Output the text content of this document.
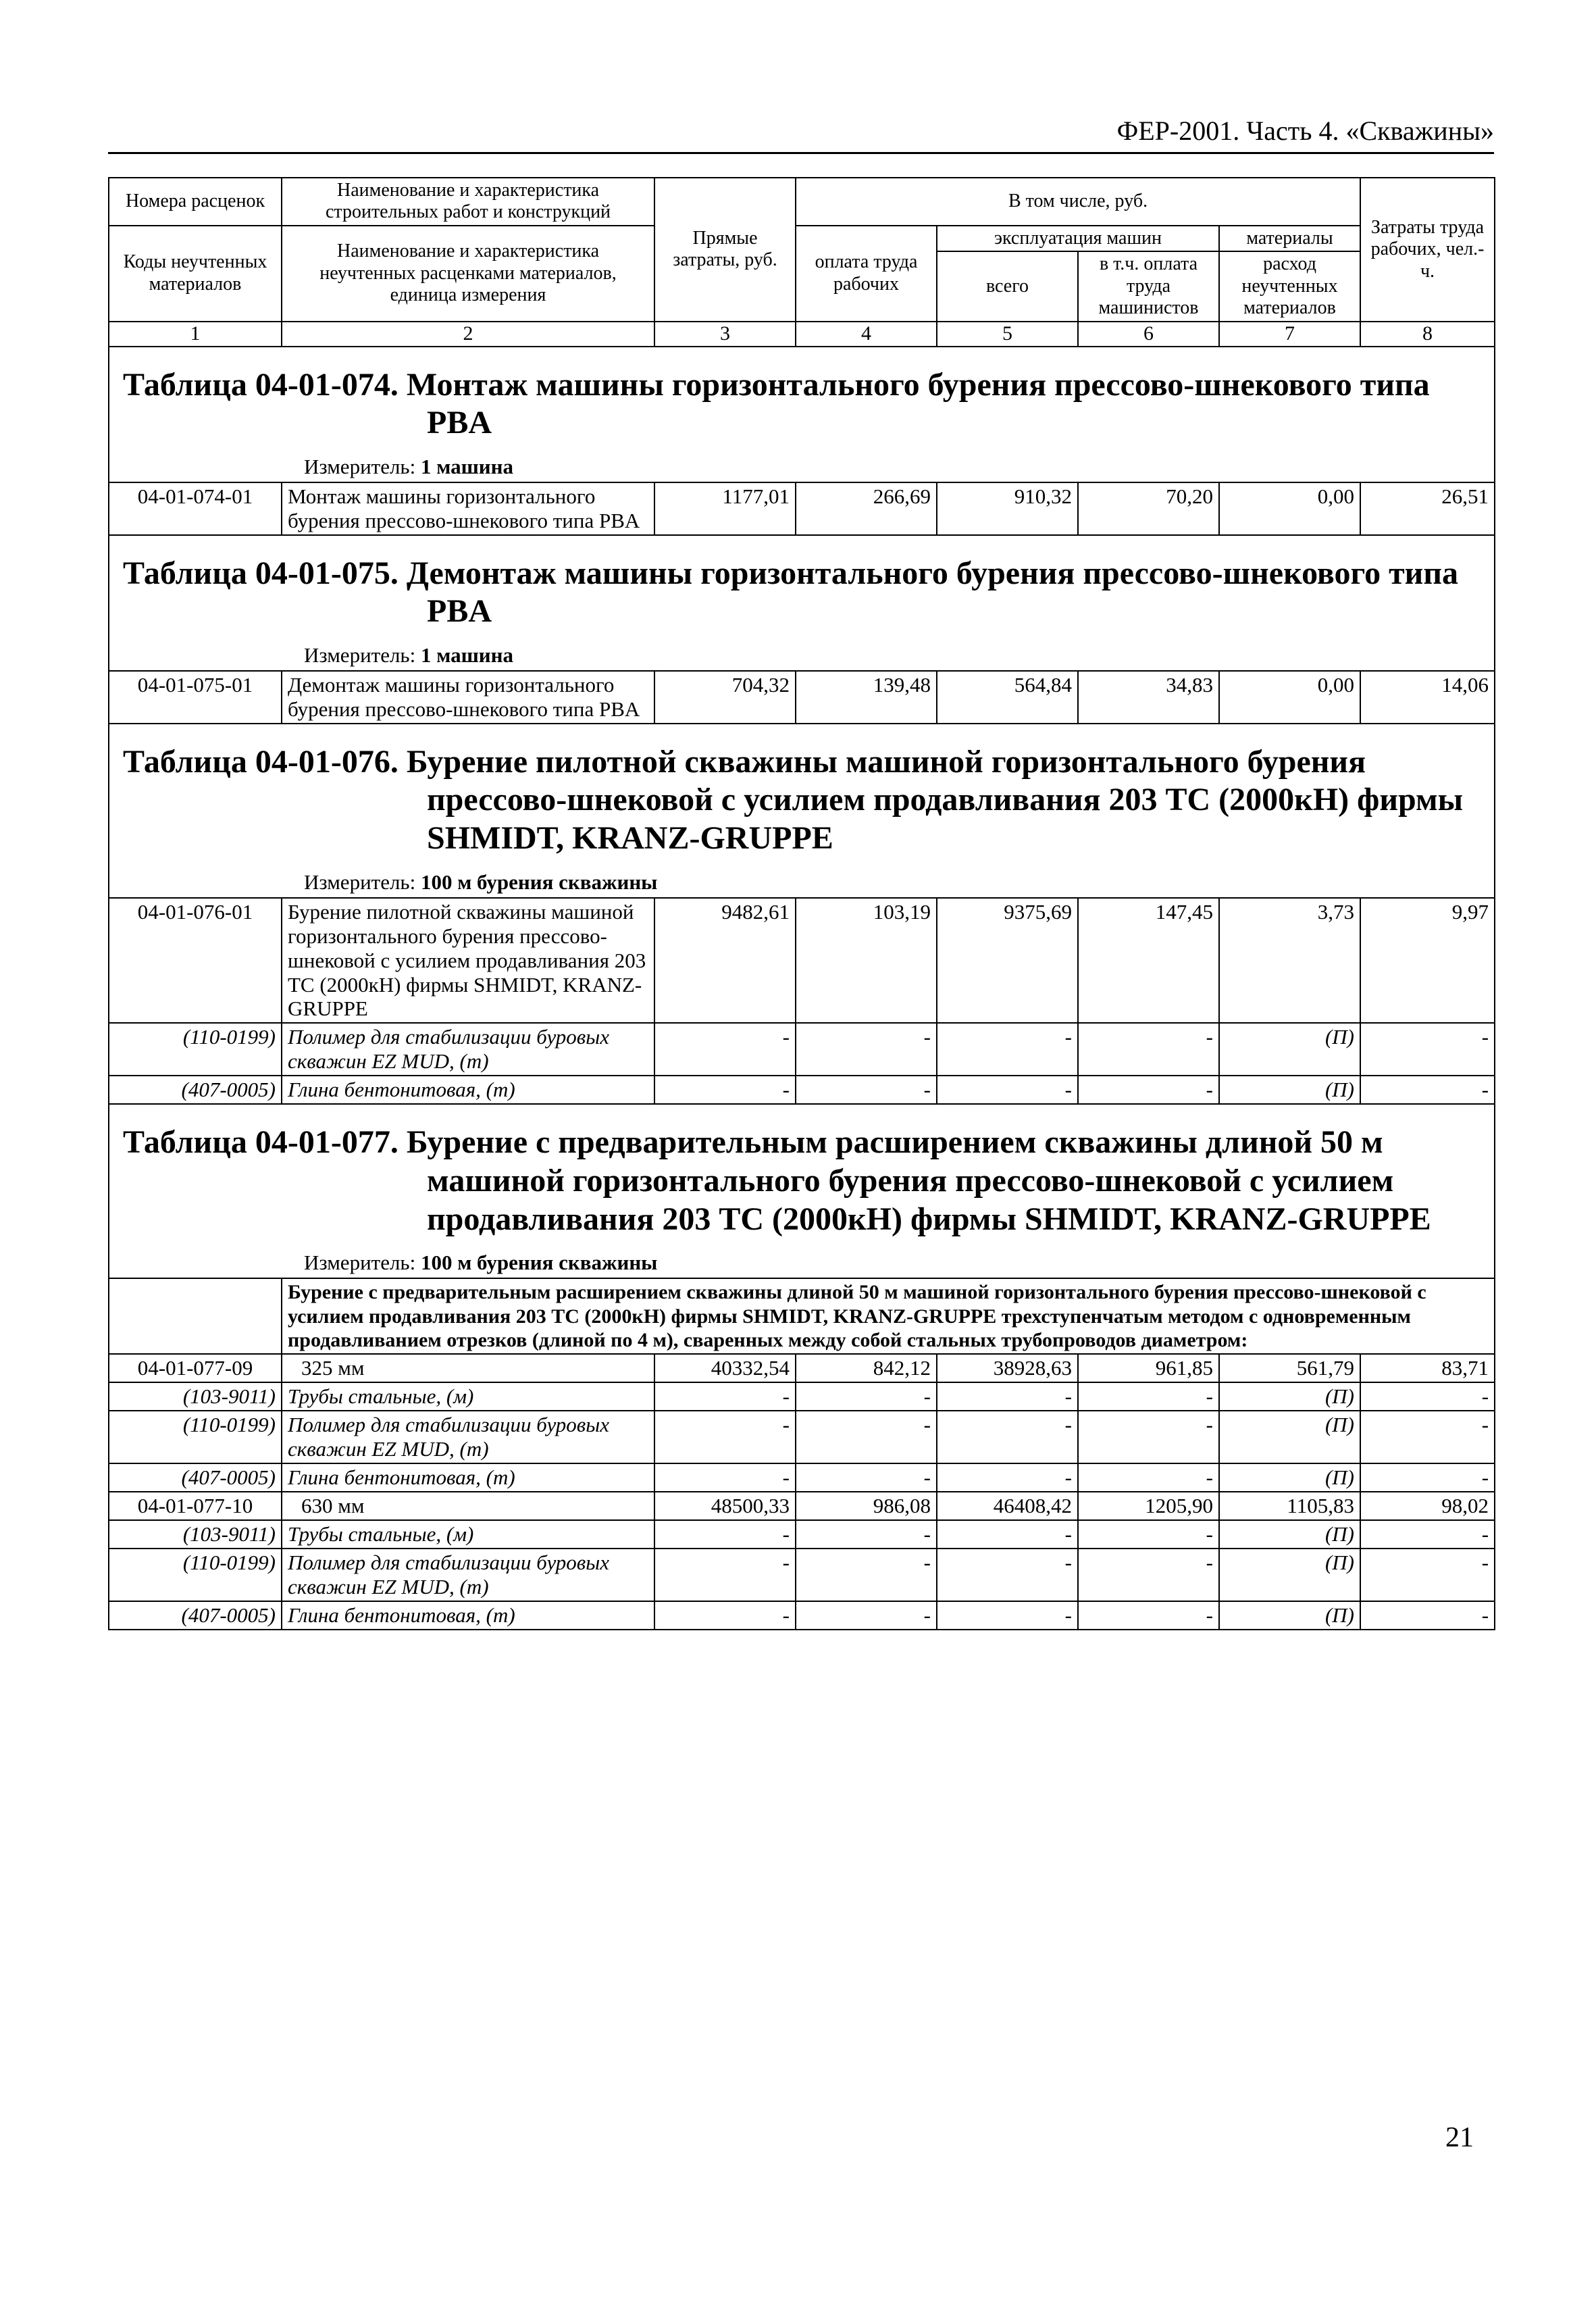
ФЕР-2001. Часть 4. «Скважины»
Номера расценок	Наименование и характеристика строительных работ и конструкций	Прямые затраты, руб.	В том числе, руб.				Затраты труда рабочих, чел.-ч.
Коды неучтенных материалов	Наименование и характеристика неучтенных расценками материалов, единица измерения		оплата труда рабочих	эксплуатация машин		материалы	
				всего	в т.ч. оплата труда машинистов	расход неучтенных материалов	

1	2	3	4	5	6	7	8

Таблица 04-01-074. Монтаж машины горизонтального бурения прессово-шнекового типа PBA
Измеритель: 1 машина							

04-01-074-01	Монтаж машины горизонтального бурения прессово-шнекового типа PBA	1177,01	266,69	910,32	70,20	0,00	26,51

Таблица 04-01-075. Демонтаж машины горизонтального бурения прессово-шнекового типа PBA
Измеритель: 1 машина							

04-01-075-01	Демонтаж машины горизонтального бурения прессово-шнекового типа PBA	704,32	139,48	564,84	34,83	0,00	14,06

Таблица 04-01-076. Бурение пилотной скважины машиной горизонтального бурения прессово-шнековой с усилием продавливания 203 TC (2000кН) фирмы SHMIDT, KRANZ-GRUPPE
Измеритель: 100 м бурения скважины							

04-01-076-01	Бурение пилотной скважины машиной горизонтального бурения прессово-шнековой с усилием продавливания 203 TC (2000кН) фирмы SHMIDT, KRANZ-GRUPPE	9482,61	103,19	9375,69	147,45	3,73	9,97
(110-0199)	Полимер для стабилизации буровых скважин EZ MUD, (т)	-	-	-	-	(П)	-
(407-0005)	Глина бентонитовая, (т)	-	-	-	-	(П)	-

Таблица 04-01-077. Бурение с предварительным расширением скважины длиной 50 м машиной горизонтального бурения прессово-шнековой с усилием продавливания 203 TC (2000кН) фирмы SHMIDT, KRANZ-GRUPPE
Измеритель: 100 м бурения скважины							

	Бурение с предварительным расширением скважины длиной 50 м машиной горизонтального бурения прессово-шнековой с усилием продавливания 203 TC (2000кН) фирмы SHMIDT, KRANZ-GRUPPE трехступенчатым методом с одновременным продавливанием отрезков (длиной по 4 м), сваренных между собой стальных трубопроводов диаметром:						
04-01-077-09	325 мм	40332,54	842,12	38928,63	961,85	561,79	83,71
(103-9011)	Трубы стальные, (м)	-	-	-	-	(П)	-
(110-0199)	Полимер для стабилизации буровых скважин EZ MUD, (т)	-	-	-	-	(П)	-
(407-0005)	Глина бентонитовая, (т)	-	-	-	-	(П)	-
04-01-077-10	630 мм	48500,33	986,08	46408,42	1205,90	1105,83	98,02
(103-9011)	Трубы стальные, (м)	-	-	-	-	(П)	-
(110-0199)	Полимер для стабилизации буровых скважин EZ MUD, (т)	-	-	-	-	(П)	-
(407-0005)	Глина бентонитовая, (т)	-	-	-	-	(П)	-
21
